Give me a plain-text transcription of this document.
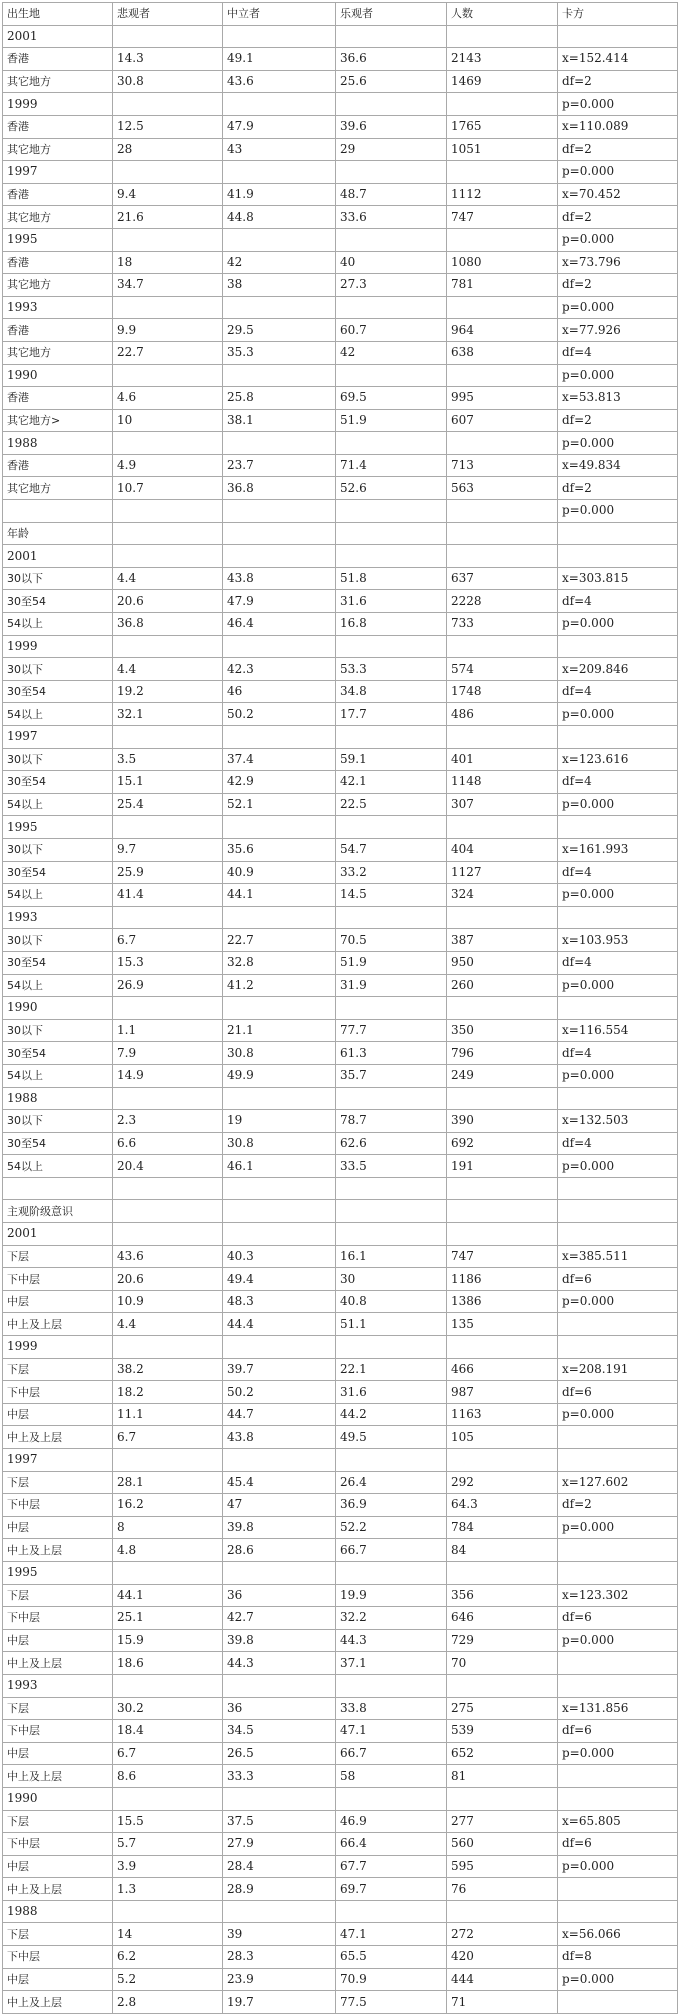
出生地	悲观者	中立者	乐观者	人数	卡方
2001					
香港	14.3	49.1	36.6	2143	x=152.414
其它地方	30.8	43.6	25.6	1469	df=2
1999					p=0.000
香港	12.5	47.9	39.6	1765	x=110.089
其它地方	28	43	29	1051	df=2
1997					p=0.000
香港	9.4	41.9	48.7	1112	x=70.452
其它地方	21.6	44.8	33.6	747	df=2
1995					p=0.000
香港	18	42	40	1080	x=73.796
其它地方	34.7	38	27.3	781	df=2
1993					p=0.000
香港	9.9	29.5	60.7	964	x=77.926
其它地方	22.7	35.3	42	638	df=4
1990					p=0.000
香港	4.6	25.8	69.5	995	x=53.813
其它地方>	10	38.1	51.9	607	df=2
1988					p=0.000
香港	4.9	23.7	71.4	713	x=49.834
其它地方	10.7	36.8	52.6	563	df=2
					p=0.000
年龄					
2001					
30以下	4.4	43.8	51.8	637	x=303.815
30至54	20.6	47.9	31.6	2228	df=4
54以上	36.8	46.4	16.8	733	p=0.000
1999					
30以下	4.4	42.3	53.3	574	x=209.846
30至54	19.2	46	34.8	1748	df=4
54以上	32.1	50.2	17.7	486	p=0.000
1997					
30以下	3.5	37.4	59.1	401	x=123.616
30至54	15.1	42.9	42.1	1148	df=4
54以上	25.4	52.1	22.5	307	p=0.000
1995					
30以下	9.7	35.6	54.7	404	x=161.993
30至54	25.9	40.9	33.2	1127	df=4
54以上	41.4	44.1	14.5	324	p=0.000
1993					
30以下	6.7	22.7	70.5	387	x=103.953
30至54	15.3	32.8	51.9	950	df=4
54以上	26.9	41.2	31.9	260	p=0.000
1990					
30以下	1.1	21.1	77.7	350	x=116.554
30至54	7.9	30.8	61.3	796	df=4
54以上	14.9	49.9	35.7	249	p=0.000
1988					
30以下	2.3	19	78.7	390	x=132.503
30至54	6.6	30.8	62.6	692	df=4
54以上	20.4	46.1	33.5	191	p=0.000

主观阶级意识					
2001					
下层	43.6	40.3	16.1	747	x=385.511
下中层	20.6	49.4	30	1186	df=6
中层	10.9	48.3	40.8	1386	p=0.000
中上及上层	4.4	44.4	51.1	135	
1999					
下层	38.2	39.7	22.1	466	x=208.191
下中层	18.2	50.2	31.6	987	df=6
中层	11.1	44.7	44.2	1163	p=0.000
中上及上层	6.7	43.8	49.5	105	
1997					
下层	28.1	45.4	26.4	292	x=127.602
下中层	16.2	47	36.9	64.3	df=2
中层	8	39.8	52.2	784	p=0.000
中上及上层	4.8	28.6	66.7	84	
1995					
下层	44.1	36	19.9	356	x=123.302
下中层	25.1	42.7	32.2	646	df=6
中层	15.9	39.8	44.3	729	p=0.000
中上及上层	18.6	44.3	37.1	70	
1993					
下层	30.2	36	33.8	275	x=131.856
下中层	18.4	34.5	47.1	539	df=6
中层	6.7	26.5	66.7	652	p=0.000
中上及上层	8.6	33.3	58	81	
1990					
下层	15.5	37.5	46.9	277	x=65.805
下中层	5.7	27.9	66.4	560	df=6
中层	3.9	28.4	67.7	595	p=0.000
中上及上层	1.3	28.9	69.7	76	
1988					
下层	14	39	47.1	272	x=56.066
下中层	6.2	28.3	65.5	420	df=8
中层	5.2	23.9	70.9	444	p=0.000
中上及上层	2.8	19.7	77.5	71	
